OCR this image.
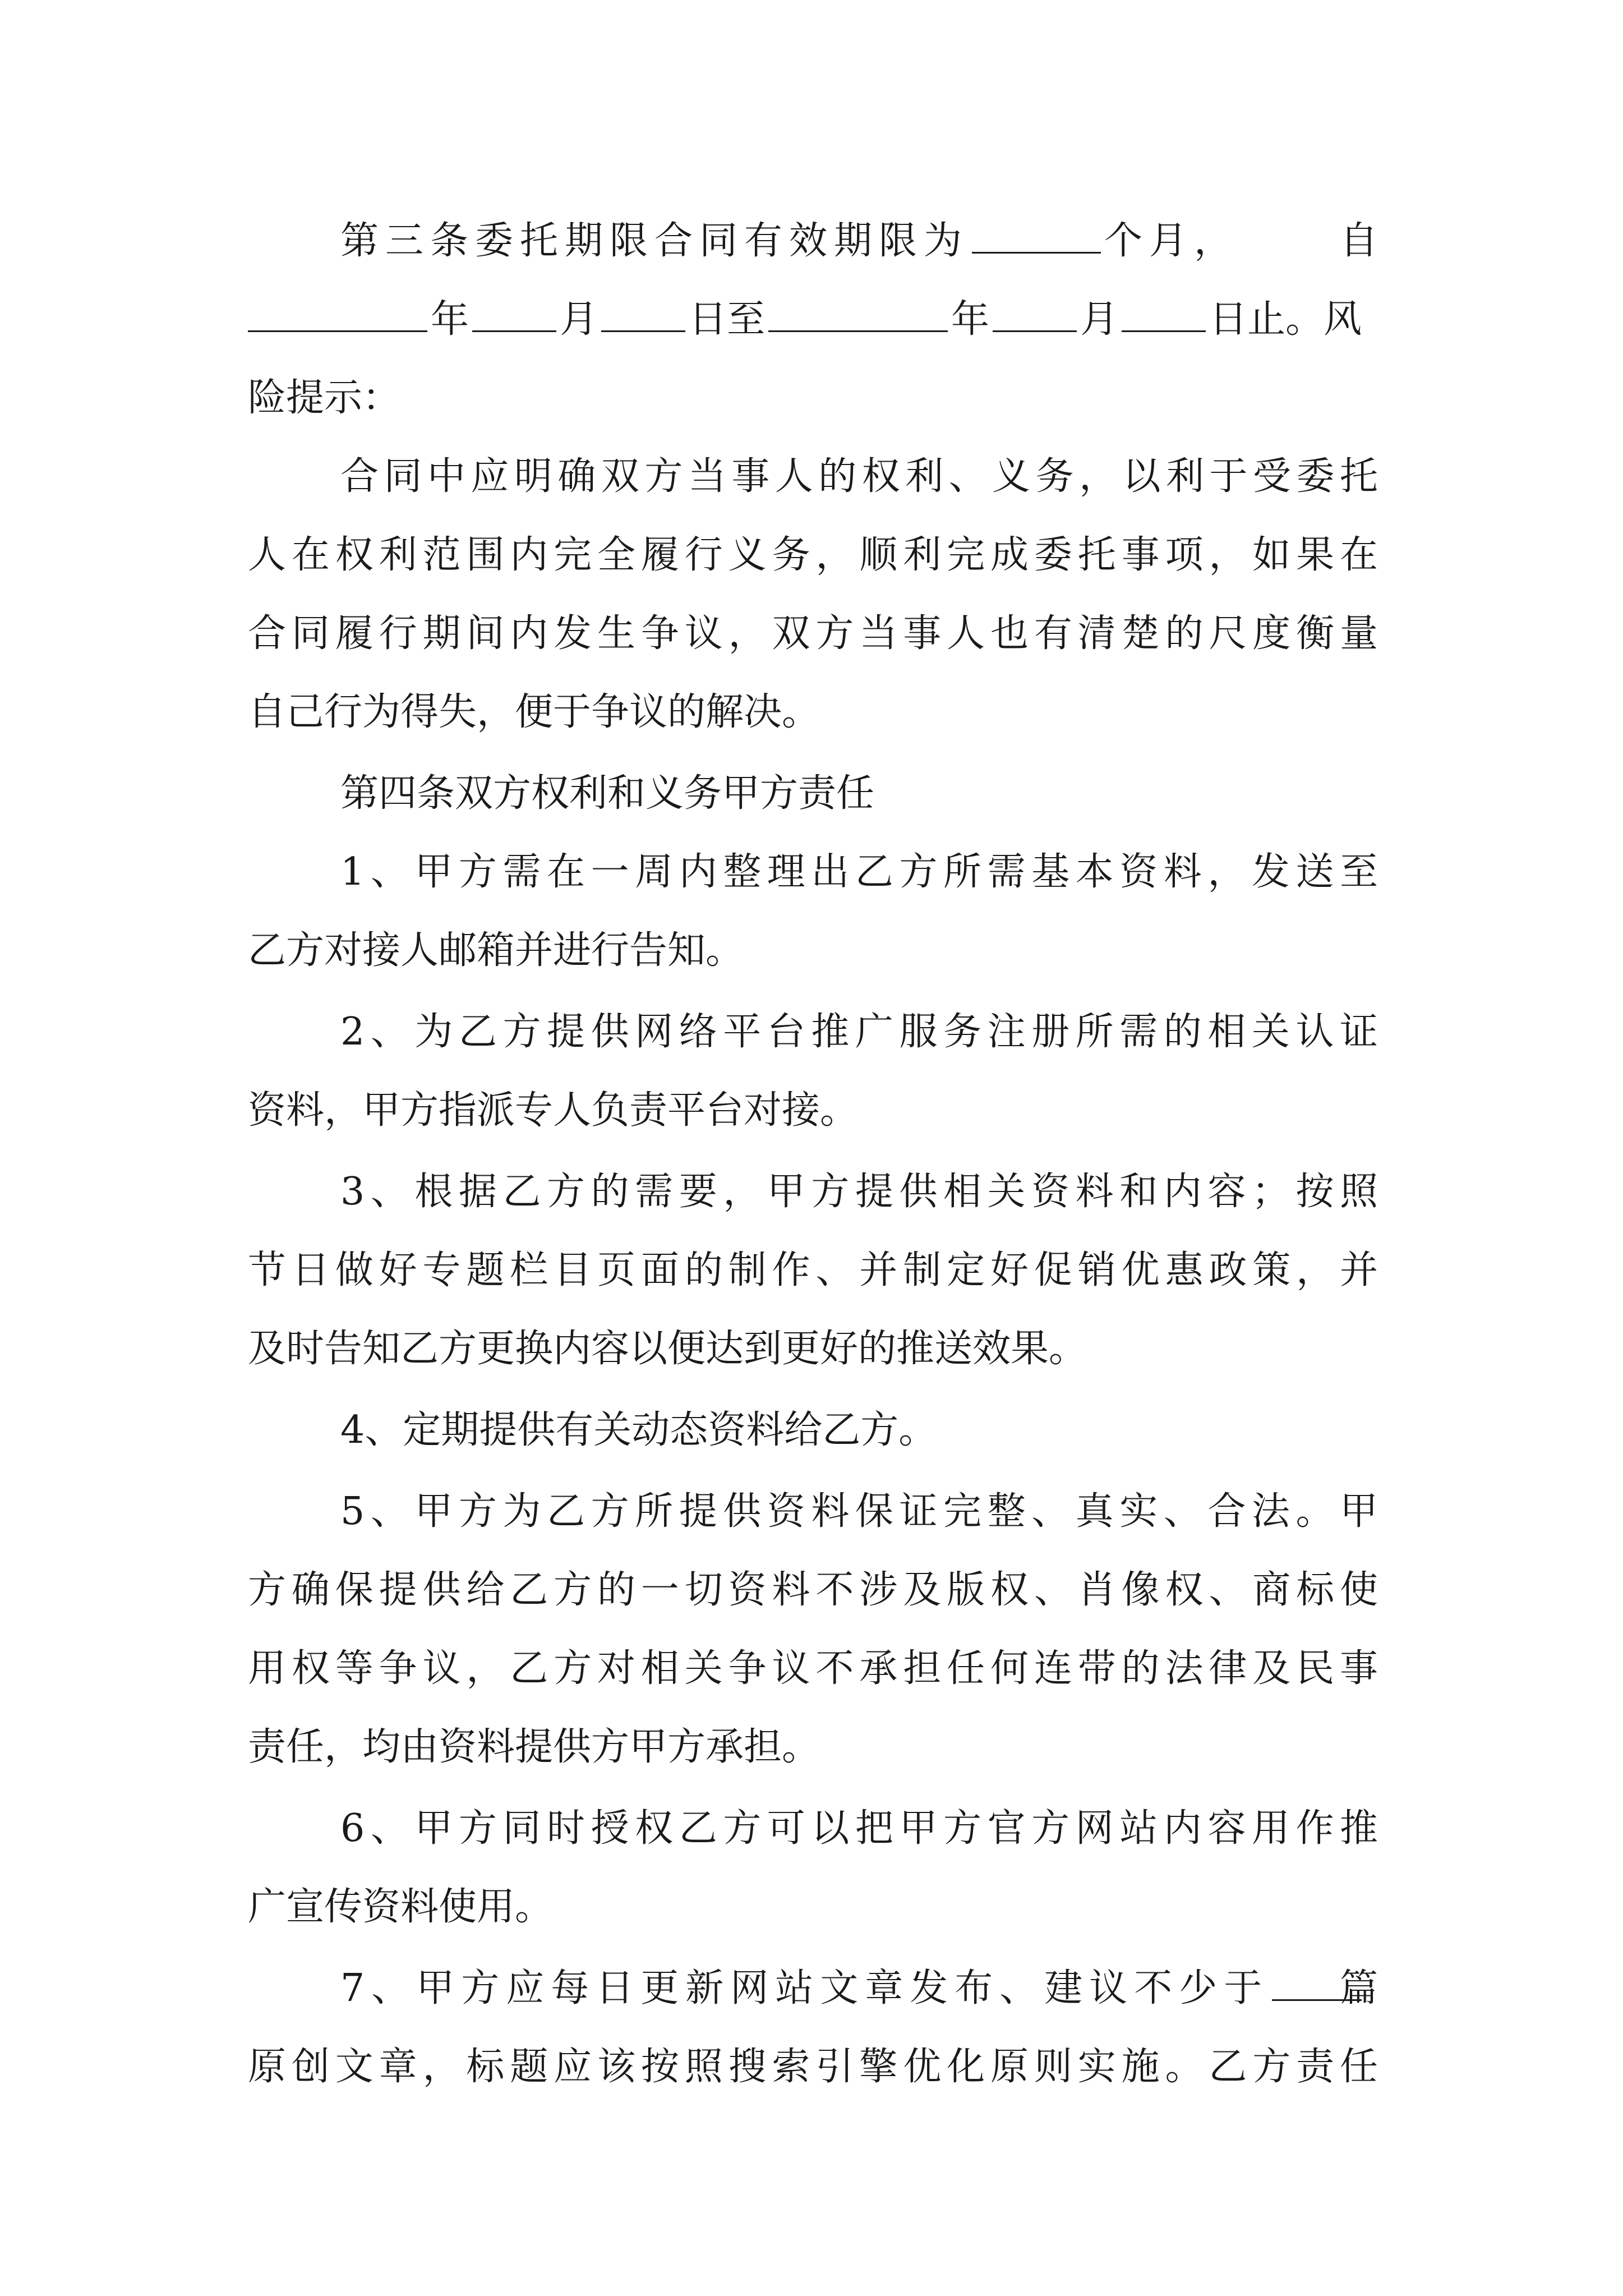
第三条委托期限合同有效期限为	个月，	自
年 月 日至	年 月 日止。风
险提示：
合同中应明确双方当事人的权利、义务，以利于受委托
人在权利范围内完全履行义务，顺利完成委托事项，如果在
合同履行期间内发生争议，双方当事人也有清楚的尺度衡量
自己行为得失，便于争议的解决。
第四条双方权利和义务甲方责任
1、甲方需在一周内整理出乙方所需基本资料，发送至
乙方对接人邮箱并进行告知。
2、为乙方提供网络平台推广服务注册所需的相关认证
资料，甲方指派专人负责平台对接。
3、根据乙方的需要，甲方提供相关资料和内容；按照
节日做好专题栏目页面的制作、并制定好促销优惠政策，并
及时告知乙方更换内容以便达到更好的推送效果。
4、定期提供有关动态资料给乙方。
5、甲方为乙方所提供资料保证完整、真实、合法。甲
方确保提供给乙方的一切资料不涉及版权、肖像权、商标使
用权等争议，乙方对相关争议不承担任何连带的法律及民事
责任，均由资料提供方甲方承担。
6、甲方同时授权乙方可以把甲方官方网站内容用作推
广宣传资料使用。
7、甲方应每日更新网站文章发布、建议不少于 篇
原创文章，标题应该按照搜索引擎优化原则实施。乙方责任
